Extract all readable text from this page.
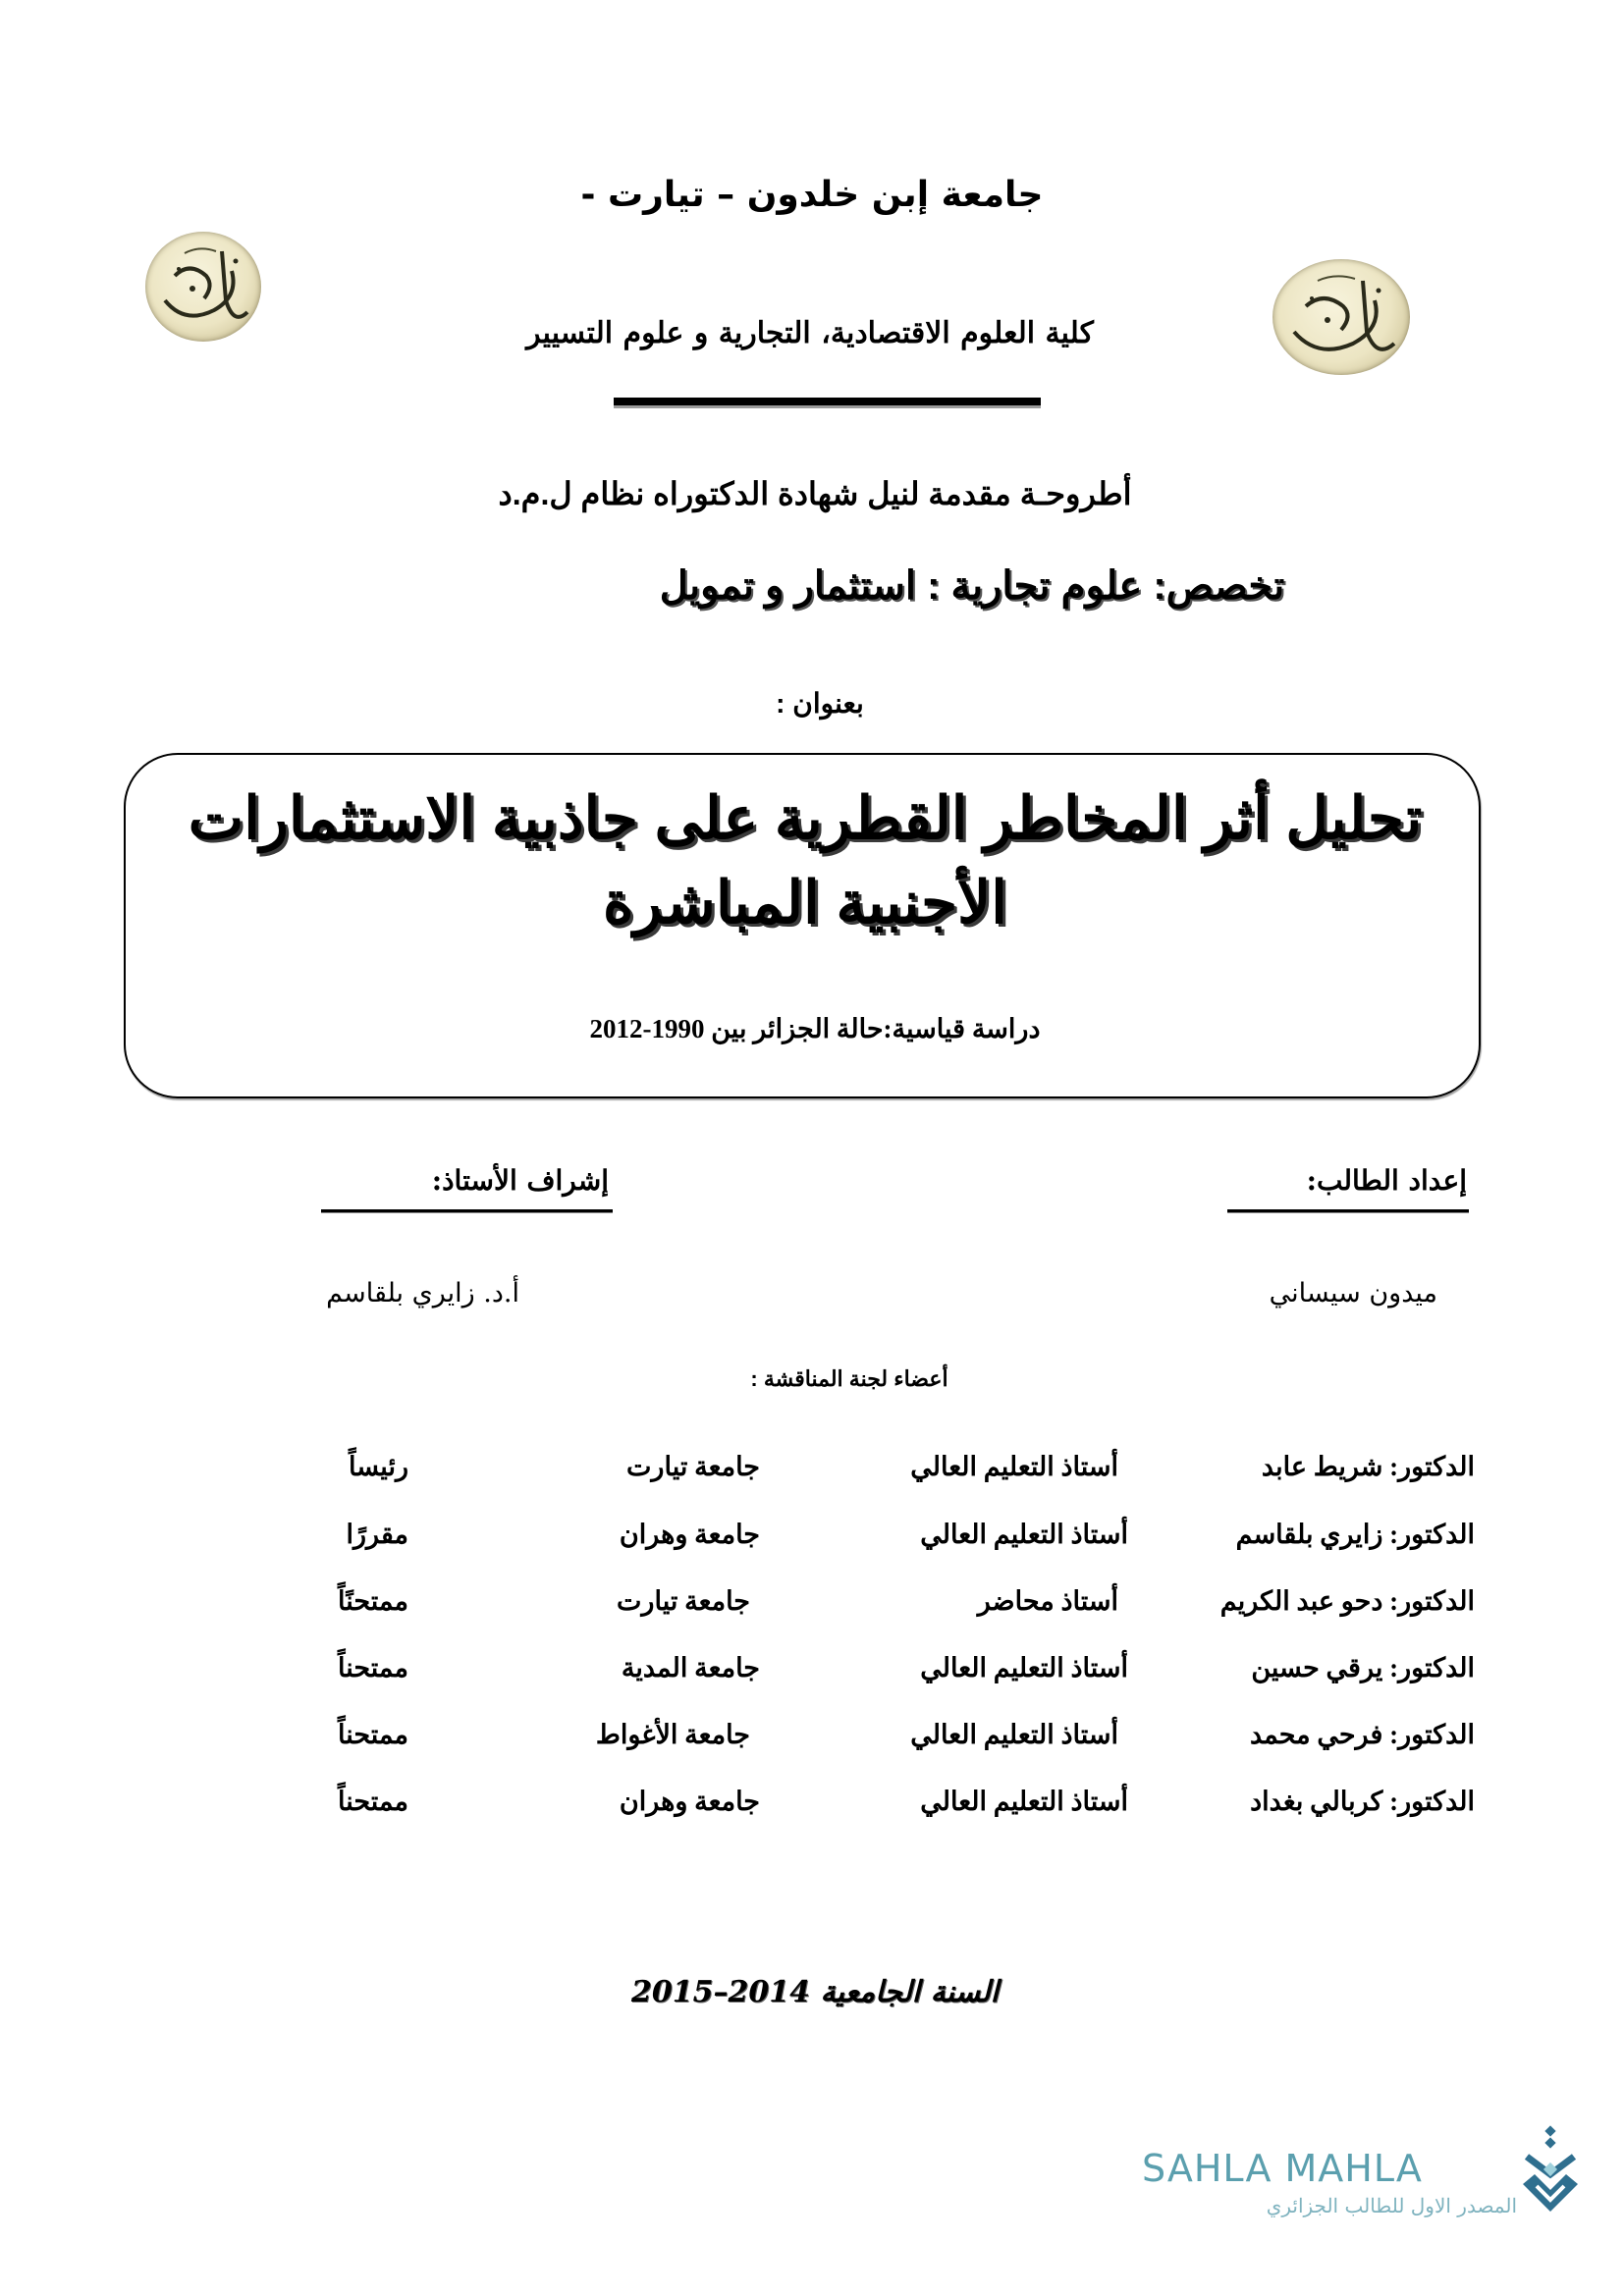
جامعة إبن خلدون – تيارت -
كلية العلوم الاقتصادية، التجارية و علوم التسيير
أطروحـة مقدمة لنيل شهادة الدكتوراه نظام ل.م.د
تخصص: علوم تجارية : استثمار و تمويل
بعنوان :
تحليل أثر المخاطر القطرية على جاذبية الاستثمارات
الأجنبية المباشرة
دراسة قياسية:حالة الجزائر بين 1990-2012
إعداد الطالب:
إشراف الأستاذ:
ميدون سيساني
أ.د. زايري بلقاسم
أعضاء لجنة المناقشة :
الدكتور: شريط عابد
أستاذ التعليم العالي
جامعة تيارت
رئيساً
الدكتور: زايري بلقاسم
أستاذ التعليم العالي
جامعة وهران
مقررًا
الدكتور: دحو عبد الكريم
أستاذ محاضر
جامعة تيارت
ممتحنًاً
الدكتور: يرقي حسين
أستاذ التعليم العالي
جامعة المدية
ممتحناً
الدكتور: فرحي محمد
أستاذ التعليم العالي
جامعة الأغواط
ممتحناً
الدكتور: كربالي بغداد
أستاذ التعليم العالي
جامعة وهران
ممتحناً
السنة الجامعية 2014–2015
SAHLA MAHLA
المصدر الاول للطالب الجزائري
